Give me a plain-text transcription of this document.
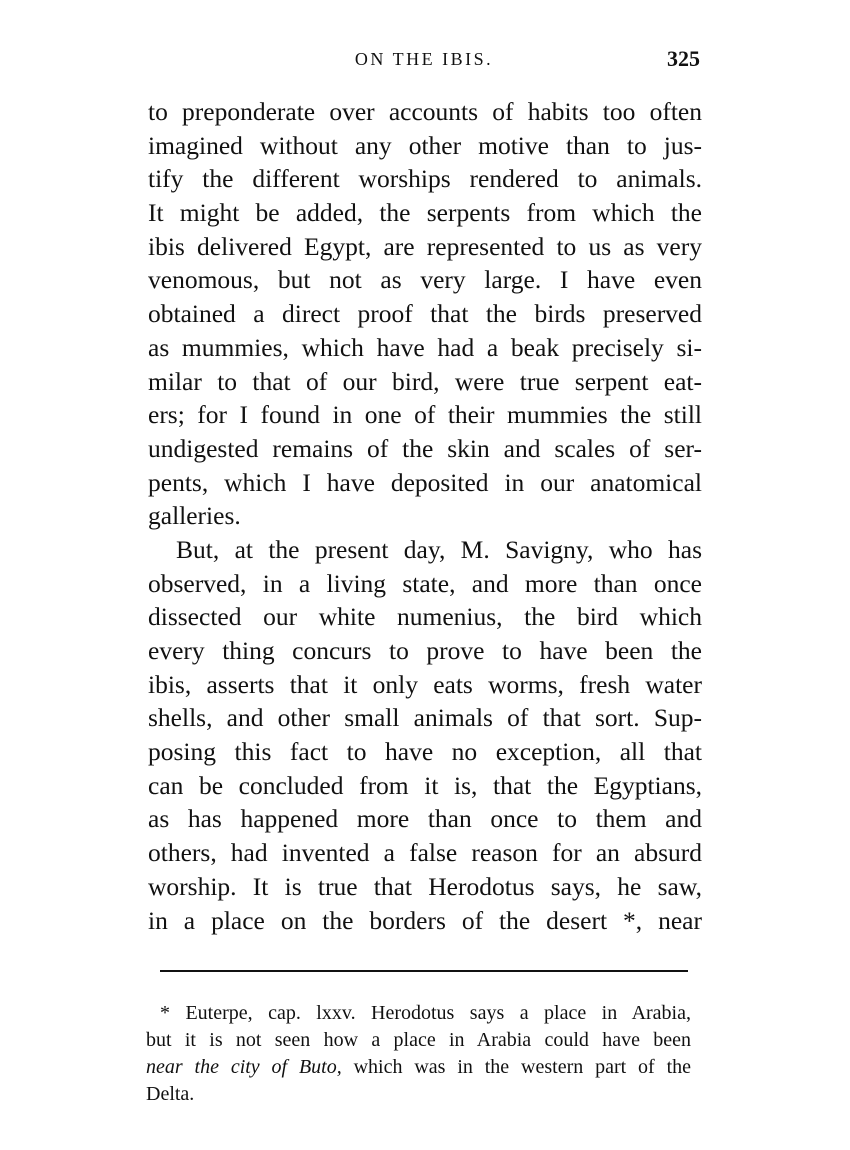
ON THE IBIS.	325
to preponderate over accounts of habits too often
imagined without any other motive than to jus-
tify the different worships rendered to animals.
It might be added, the serpents from which the
ibis delivered Egypt, are represented to us as very
venomous, but not as very large. I have even
obtained a direct proof that the birds preserved
as mummies, which have had a beak precisely si-
milar to that of our bird, were true serpent eat-
ers; for I found in one of their mummies the still
undigested remains of the skin and scales of ser-
pents, which I have deposited in our anatomical
galleries.
But, at the present day, M. Savigny, who has
observed, in a living state, and more than once
dissected our white numenius, the bird which
every thing concurs to prove to have been the
ibis, asserts that it only eats worms, fresh water
shells, and other small animals of that sort. Sup-
posing this fact to have no exception, all that
can be concluded from it is, that the Egyptians,
as has happened more than once to them and
others, had invented a false reason for an absurd
worship. It is true that Herodotus says, he saw,
in a place on the borders of the desert *, near
* Euterpe, cap. lxxv. Herodotus says a place in Arabia,
but it is not seen how a place in Arabia could have been
near the city of Buto, which was in the western part of the
Delta.
